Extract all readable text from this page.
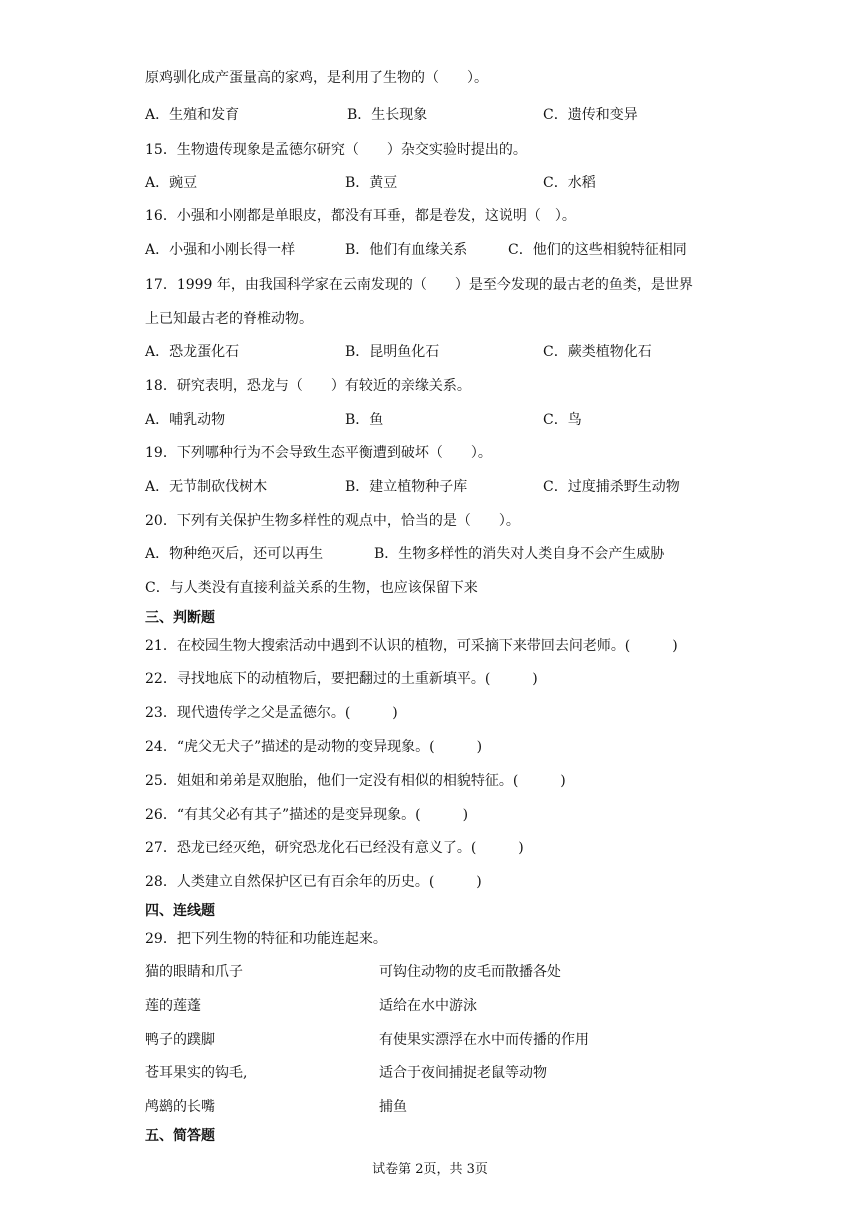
原鸡驯化成产蛋量高的家鸡，是利用了生物的（　　）。
A．生殖和发育	B．生长现象	C．遗传和变异
15．生物遗传现象是孟德尔研究（　　）杂交实验时提出的。
A．豌豆	B．黄豆	C．水稻
16．小强和小刚都是单眼皮，都没有耳垂，都是卷发，这说明（　）。
A．小强和小刚长得一样	B．他们有血缘关系	C．他们的这些相貌特征相同
17．1999 年，由我国科学家在云南发现的（　　）是至今发现的最古老的鱼类，是世界
上已知最古老的脊椎动物。
A．恐龙蛋化石	B．昆明鱼化石	C．蕨类植物化石
18．研究表明，恐龙与（　　）有较近的亲缘关系。
A．哺乳动物	B．鱼	C．鸟
19．下列哪种行为不会导致生态平衡遭到破坏（　　）。
A．无节制砍伐树木	B．建立植物种子库	C．过度捕杀野生动物
20．下列有关保护生物多样性的观点中，恰当的是（　　）。
A．物种绝灭后，还可以再生	B．生物多样性的消失对人类自身不会产生威胁
C．与人类没有直接利益关系的生物，也应该保留下来
三、判断题
21．在校园生物大搜索活动中遇到不认识的植物，可采摘下来带回去问老师。(　　　)
22．寻找地底下的动植物后，要把翻过的土重新填平。(　　　)
23．现代遗传学之父是孟德尔。(　　　)
24．“虎父无犬子”描述的是动物的变异现象。(　　　)
25．姐姐和弟弟是双胞胎，他们一定没有相似的相貌特征。(　　　)
26．“有其父必有其子”描述的是变异现象。(　　　)
27．恐龙已经灭绝，研究恐龙化石已经没有意义了。(　　　)
28．人类建立自然保护区已有百余年的历史。(　　　)
四、连线题
29．把下列生物的特征和功能连起来。
猫的眼睛和爪子	可钩住动物的皮毛而散播各处
莲的莲蓬	适给在水中游泳
鸭子的蹼脚	有使果实漂浮在水中而传播的作用
苍耳果实的钩毛,	适合于夜间捕捉老鼠等动物
鸬鹚的长嘴	捕鱼
五、简答题
试卷第 2页，共 3页
